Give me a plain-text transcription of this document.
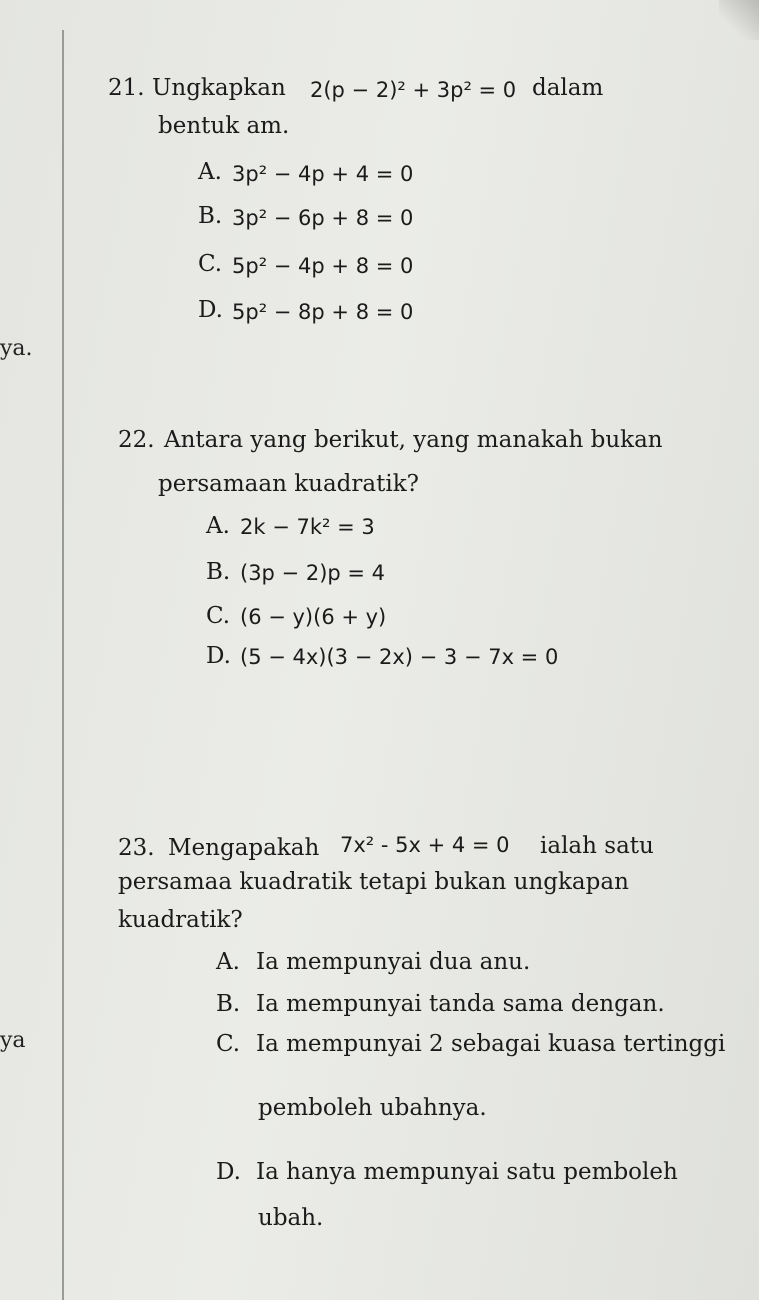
ya.
ya
21. Ungkapkan 2(p − 2)² + 3p² = 0 dalam
bentuk am.
A. 3p² − 4p + 4 = 0
B. 3p² − 6p + 8 = 0
C. 5p² − 4p + 8 = 0
D. 5p² − 8p + 8 = 0
22. Antara yang berikut, yang manakah bukan
persamaan kuadratik?
A. 2k − 7k² = 3
B. (3p − 2)p = 4
C. (6 − y)(6 + y)
D. (5 − 4x)(3 − 2x) − 3 − 7x = 0
23. Mengapakah 7x² - 5x + 4 = 0 ialah satu
persamaa kuadratik tetapi bukan ungkapan
kuadratik?
A. Ia mempunyai dua anu.
B. Ia mempunyai tanda sama dengan.
C. Ia mempunyai 2 sebagai kuasa tertinggi
pemboleh ubahnya.
D. Ia hanya mempunyai satu pemboleh
ubah.
